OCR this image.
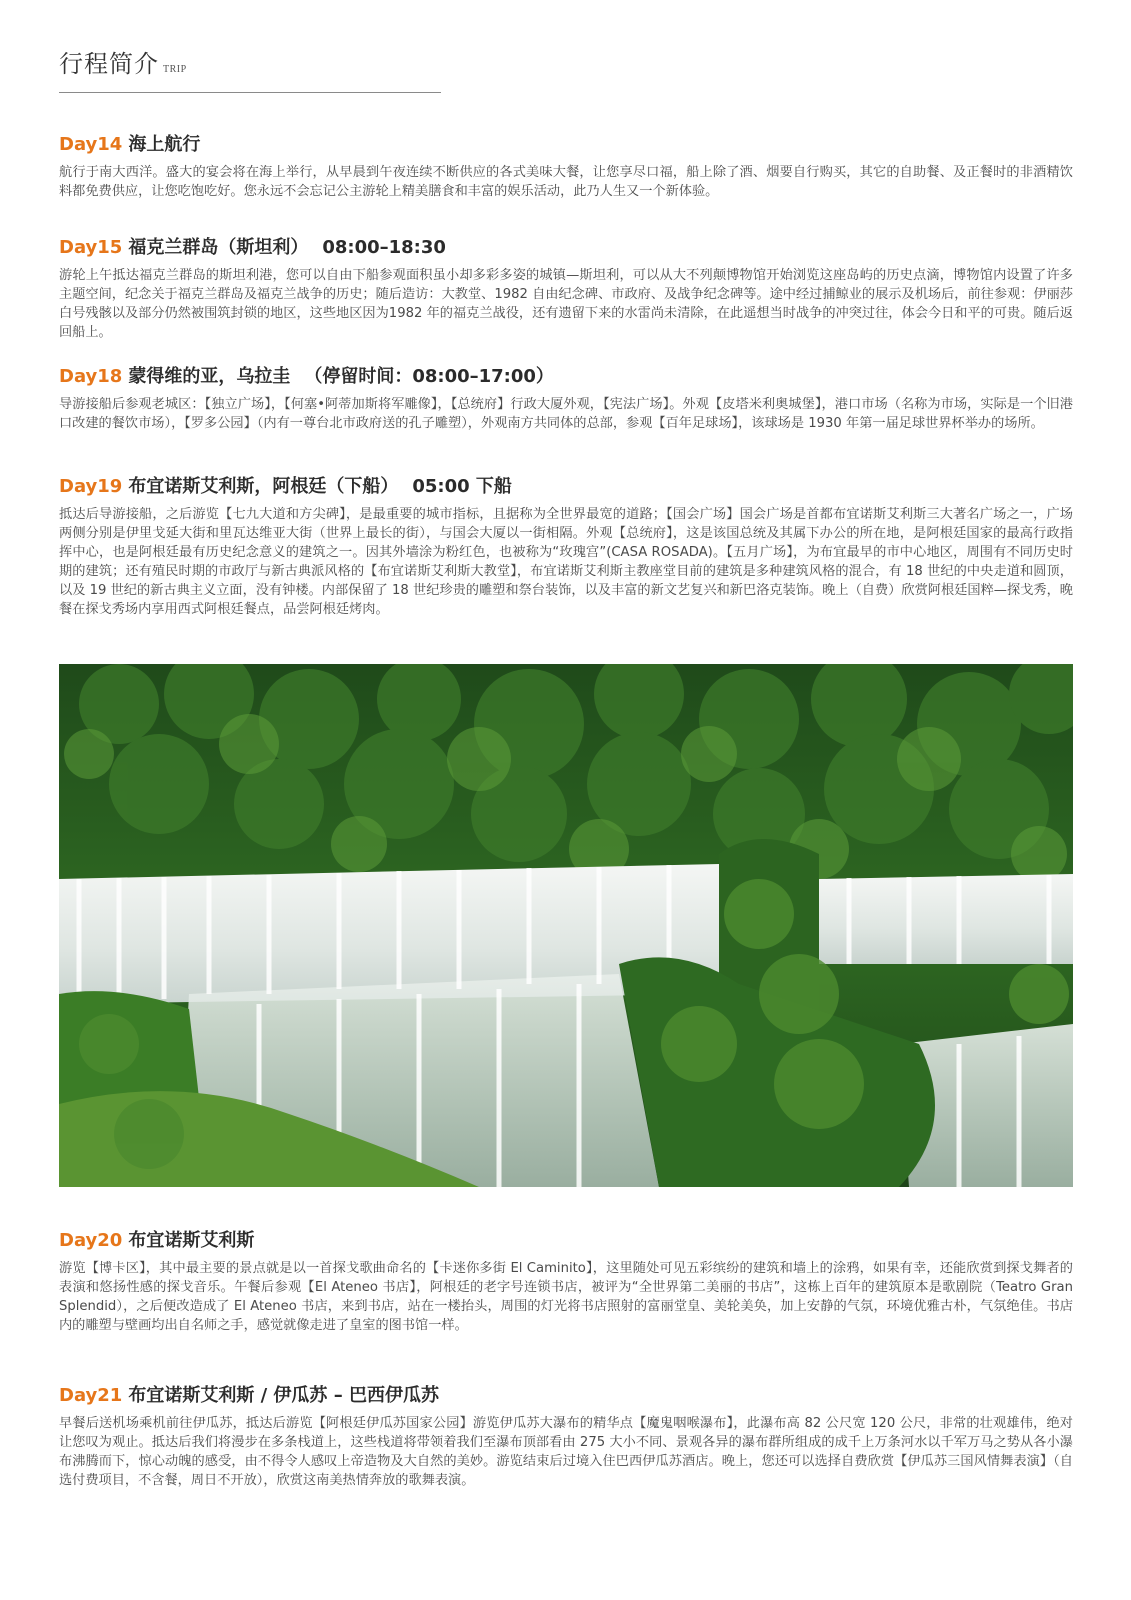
行程简介 TRIP
Day14 海上航行
航行于南大西洋。盛大的宴会将在海上举行，从早晨到午夜连续不断供应的各式美味大餐，让您享尽口福，船上除了酒、烟要自行购买，其它的自助餐、及正餐时的非酒精饮料都免费供应，让您吃饱吃好。您永远不会忘记公主游轮上精美膳食和丰富的娱乐活动，此乃人生又一个新体验。
Day15 福克兰群岛（斯坦利） 08:00–18:30
游轮上午抵达福克兰群岛的斯坦利港，您可以自由下船参观面积虽小却多彩多姿的城镇—斯坦利，可以从大不列颠博物馆开始浏览这座岛屿的历史点滴，博物馆内设置了许多主题空间，纪念关于福克兰群岛及福克兰战争的历史；随后造访：大教堂、1982 自由纪念碑、市政府、及战争纪念碑等。途中经过捕鲸业的展示及机场后，前往参观：伊丽莎白号残骸以及部分仍然被围筑封锁的地区，这些地区因为1982 年的福克兰战役，还有遗留下来的水雷尚未清除，在此遥想当时战争的冲突过往，体会今日和平的可贵。随后返回船上。
Day18 蒙得维的亚，乌拉圭 （停留时间：08:00–17:00）
导游接船后参观老城区：【独立广场】，【何塞•阿蒂加斯将军雕像】，【总统府】行政大厦外观，【宪法广场】。外观【皮塔米利奥城堡】，港口市场（名称为市场，实际是一个旧港口改建的餐饮市场），【罗多公园】（内有一尊台北市政府送的孔子雕塑），外观南方共同体的总部，参观【百年足球场】，该球场是 1930 年第一届足球世界杯举办的场所。
Day19 布宜诺斯艾利斯，阿根廷（下船） 05:00 下船
抵达后导游接船，之后游览【七九大道和方尖碑】，是最重要的城市指标，且据称为全世界最宽的道路；【国会广场】国会广场是首都布宜诺斯艾利斯三大著名广场之一，广场两侧分别是伊里戈延大街和里瓦达维亚大街（世界上最长的街），与国会大厦以一街相隔。外观【总统府】，这是该国总统及其属下办公的所在地，是阿根廷国家的最高行政指挥中心，也是阿根廷最有历史纪念意义的建筑之一。因其外墙涂为粉红色，也被称为“玫瑰宫”(CASA ROSADA)。【五月广场】，为布宜最早的市中心地区，周围有不同历史时期的建筑；还有殖民时期的市政厅与新古典派风格的【布宜诺斯艾利斯大教堂】，布宜诺斯艾利斯主教座堂目前的建筑是多种建筑风格的混合，有 18 世纪的中央走道和圆顶，以及 19 世纪的新古典主义立面，没有钟楼。内部保留了 18 世纪珍贵的雕塑和祭台装饰，以及丰富的新文艺复兴和新巴洛克装饰。晚上（自费）欣赏阿根廷国粹—探戈秀，晚餐在探戈秀场内享用西式阿根廷餐点，品尝阿根廷烤肉。
Day20 布宜诺斯艾利斯
游览【博卡区】，其中最主要的景点就是以一首探戈歌曲命名的【卡迷你多街 El Caminito】，这里随处可见五彩缤纷的建筑和墙上的涂鸦，如果有幸，还能欣赏到探戈舞者的表演和悠扬性感的探戈音乐。午餐后参观【El Ateneo 书店】，阿根廷的老字号连锁书店，被评为“全世界第二美丽的书店”，这栋上百年的建筑原本是歌剧院（Teatro Gran Splendid），之后便改造成了 El Ateneo 书店，来到书店，站在一楼抬头，周围的灯光将书店照射的富丽堂皇、美轮美奂，加上安静的气氛，环境优雅古朴，气氛绝佳。书店内的雕塑与壁画均出自名师之手，感觉就像走进了皇室的图书馆一样。
Day21 布宜诺斯艾利斯 / 伊瓜苏 – 巴西伊瓜苏
早餐后送机场乘机前往伊瓜苏，抵达后游览【阿根廷伊瓜苏国家公园】游览伊瓜苏大瀑布的精华点【魔鬼咽喉瀑布】，此瀑布高 82 公尺宽 120 公尺，非常的壮观雄伟，绝对让您叹为观止。抵达后我们将漫步在多条栈道上，这些栈道将带领着我们至瀑布顶部看由 275 大小不同、景观各异的瀑布群所组成的成千上万条河水以千军万马之势从各小瀑布沸腾而下，惊心动魄的感受，由不得令人感叹上帝造物及大自然的美妙。游览结束后过境入住巴西伊瓜苏酒店。晚上，您还可以选择自费欣赏【伊瓜苏三国风情舞表演】（自选付费项目，不含餐，周日不开放），欣赏这南美热情奔放的歌舞表演。
